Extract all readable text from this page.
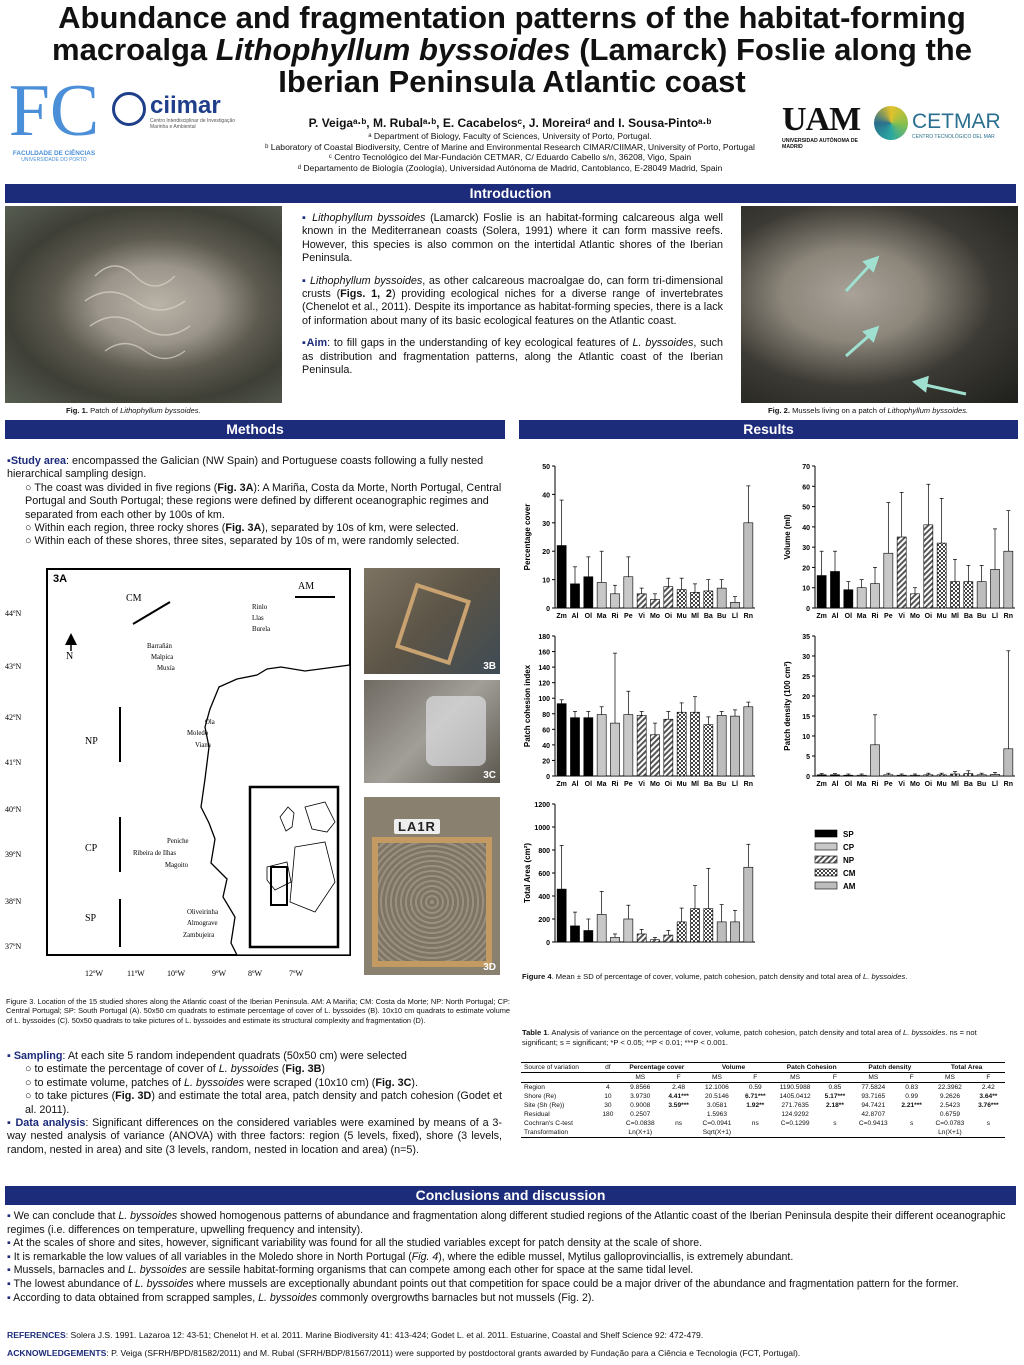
Abundance and fragmentation patterns of the habitat-forming
macroalga Lithophyllum byssoides (Lamarck) Foslie along the
Iberian Peninsula Atlantic coast
FC
FACULDADE DE CIÊNCIAS
UNIVERSIDADE DO PORTO
ciimar
Centro Interdisciplinar de Investigação Marinha e Ambiental	UAM
UNIVERSIDAD AUTÓNOMA DE MADRID
CETMAR
CENTRO TECNOLÓGICO DEL MAR
P. Veigaᵃ·ᵇ, M. Rubalᵃ·ᵇ, E. Cacabelosᶜ, J. Moreiraᵈ and I. Sousa-Pintoᵃ·ᵇ
ᵃ Department of Biology, Faculty of Sciences, University of Porto, Portugal.
ᵇ Laboratory of Coastal Biodiversity, Centre of Marine and Environmental Research CIMAR/CIIMAR, University of Porto, Portugal
ᶜ Centro Tecnológico del Mar-Fundación CETMAR, C/ Eduardo Cabello s/n, 36208, Vigo, Spain
ᵈ Departamento de Biología (Zoología), Universidad Autónoma de Madrid, Cantoblanco, E-28049 Madrid, Spain
Introduction
Fig. 1. Patch of Lithophyllum byssoides.

▪ Lithophyllum byssoides (Lamarck) Foslie is an habitat-forming calcareous alga well known in the Mediterranean coasts (Solera, 1991) where it can form massive reefs. However, this species is also common on the intertidal Atlantic shores of the Iberian Peninsula.

▪ Lithophyllum byssoides, as other calcareous macroalgae do, can form tri-dimensional crusts (Figs. 1, 2) providing ecological niches for a diverse range of invertebrates (Chenelot et al., 2011). Despite its importance as habitat-forming species, there is a lack of information about many of its basic ecological features on the Atlantic coast.

▪Aim: to fill gaps in the understanding of key ecological features of L. byssoides, such as distribution and fragmentation patterns, along the Atlantic coast of the Iberian Peninsula.

Fig. 2. Mussels living on a patch of Lithophyllum byssoides.
Methods
▪Study area: encompassed the Galician (NW Spain) and Portuguese coasts following a fully nested hierarchical sampling design.
○ The coast was divided in five regions (Fig. 3A): A Mariña, Costa da Morte, North Portugal, Central Portugal and South Portugal; these regions were defined by different oceanographic regimes and separated from each other by 100s of km.
○ Within each region, three rocky shores (Fig. 3A), separated by 10s of km, were selected.
○ Within each of these shores, three sites, separated by 10s of m, were randomly selected.
3A
44ºN
43ºN
42ºN
41ºN
40ºN
39ºN
38ºN
37ºN
12ºW	11ºW	10ºW	9ºW	8ºW	7ºW
N
AM
CM
NP
CP
SP
Rinlo
Llas
Burela
Barrañán
Malpica
Muxía
Ola
Moledo
Viana
Peniche
Ribeira de Ilhas
Magoito
Oliveirinha
Almograve
Zambujeira
3B
3C
LA1R
3D
Figure 3. Location of the 15 studied shores along the Atlantic coast of the Iberian Peninsula. AM: A Mariña; CM: Costa da Morte; NP: North Portugal; CP: Central Portugal; SP: South Portugal (A). 50x50 cm quadrats to estimate percentage of cover of L. byssoides (B). 10x10 cm quadrats to estimate volume of L. byssoides (C). 50x50 quadrats to take pictures of L. byssoides and estimate its structural complexity and fragmentation (D).
▪ Sampling: At each site 5 random independent quadrats (50x50 cm) were selected
○ to estimate the percentage of cover of L. byssoides (Fig. 3B)
○ to estimate volume, patches of L. byssoides were scraped (10x10 cm) (Fig. 3C).
○ to take pictures (Fig. 3D) and estimate the total area, patch density and patch cohesion (Godet et al. 2011).
▪ Data analysis: Significant differences on the considered variables were examined by means of a 3-way nested analysis of variance (ANOVA) with three factors: region (5 levels, fixed), shore (3 levels, random, nested in area) and site (3 levels, random, nested in location and area) (n=5).
Results
0
10
20
30
40
50
Percentage cover
Zm Al Ol Ma Ri Pe Vi Mo Oi Mu Ml Ba Bu Ll Rn
0
10
20
30
40
50
60
70
Volume (ml)
Zm Al Ol Ma Ri Pe Vi Mo Oi Mu Ml Ba Bu Ll Rn
0
20
40
60
80
100
120
140
160
180
Patch cohesion index
Zm Al Ol Ma Ri Pe Vi Mo Oi Mu Ml Ba Bu Ll Rn
0
5
10
15
20
25
30
35
Patch density (100 cm²)
Zm Al Ol Ma Ri Pe Vi Mo Oi Mu Ml Ba Bu Ll Rn
0
200
400
600
800
1000
1200
Total Area (cm²)
SP
CP
NP
CM
AM
Figure 4. Mean ± SD of percentage of cover, volume, patch cohesion, patch density and total area of L. byssoides.
Table 1. Analysis of variance on the percentage of cover, volume, patch cohesion, patch density and total area of L. byssoides. ns = not significant; s = significant; *P < 0.05; **P < 0.01; ***P < 0.001.
Source of variation	df	Percentage cover		Volume		Patch Cohesion		Patch density		Total Area	
		MS	F	MS	F	MS	F	MS	F	MS	F
Region	4	9.8566	2.48	12.1006	0.59	1190.5988	0.85	77.5824	0.83	22.3962	2.42
Shore (Re)	10	3.9730	4.41***	20.5146	6.71***	1405.0412	5.17***	93.7165	0.99	9.2626	3.64**
Site (Sh (Re))	30	0.9008	3.59***	3.0581	1.92**	271.7635	2.18**	94.7421	2.21***	2.5423	3.76***
Residual	180	0.2507		1.5963		124.9292		42.8707		0.6759	
Cochran's C-test		C=0.0838	ns	C=0.0941	ns	C=0.1299	s	C=0.9413	s	C=0.0783	s
Transformation		Ln(X+1)		Sqrt(X+1)						Ln(X+1)	
Conclusions and discussion
▪ We can conclude that L. byssoides showed homogenous patterns of abundance and fragmentation along different studied regions of the Atlantic coast of the Iberian Peninsula despite their different oceanographic regimes (i.e. differences on temperature, upwelling frequency and intensity).
▪ At the scales of shore and sites, however, significant variability was found for all the studied variables except for patch density at the scale of shore.
▪ It is remarkable the low values of all variables in the Moledo shore in North Portugal (Fig. 4), where the edible mussel, Mytilus galloprovinciallis, is extremely abundant.
▪ Mussels, barnacles and L. byssoides are sessile habitat-forming organisms that can compete among each other for space at the same tidal level.
▪ The lowest abundance of L. byssoides where mussels are exceptionally abundant points out that competition for space could be a major driver of the abundance and fragmentation pattern for the former.
▪ According to data obtained from scrapped samples, L. byssoides commonly overgrowths barnacles but not mussels (Fig. 2).
REFERENCES: Solera J.S. 1991. Lazaroa 12: 43-51; Chenelot H. et al. 2011. Marine Biodiversity 41: 413-424; Godet L. et al. 2011. Estuarine, Coastal and Shelf Science 92: 472-479.
ACKNOWLEDGEMENTS: P. Veiga (SFRH/BPD/81582/2011) and M. Rubal (SFRH/BDP/81567/2011) were supported by postdoctoral grants awarded by Fundação para a Ciência e Tecnologia (FCT, Portugal).
